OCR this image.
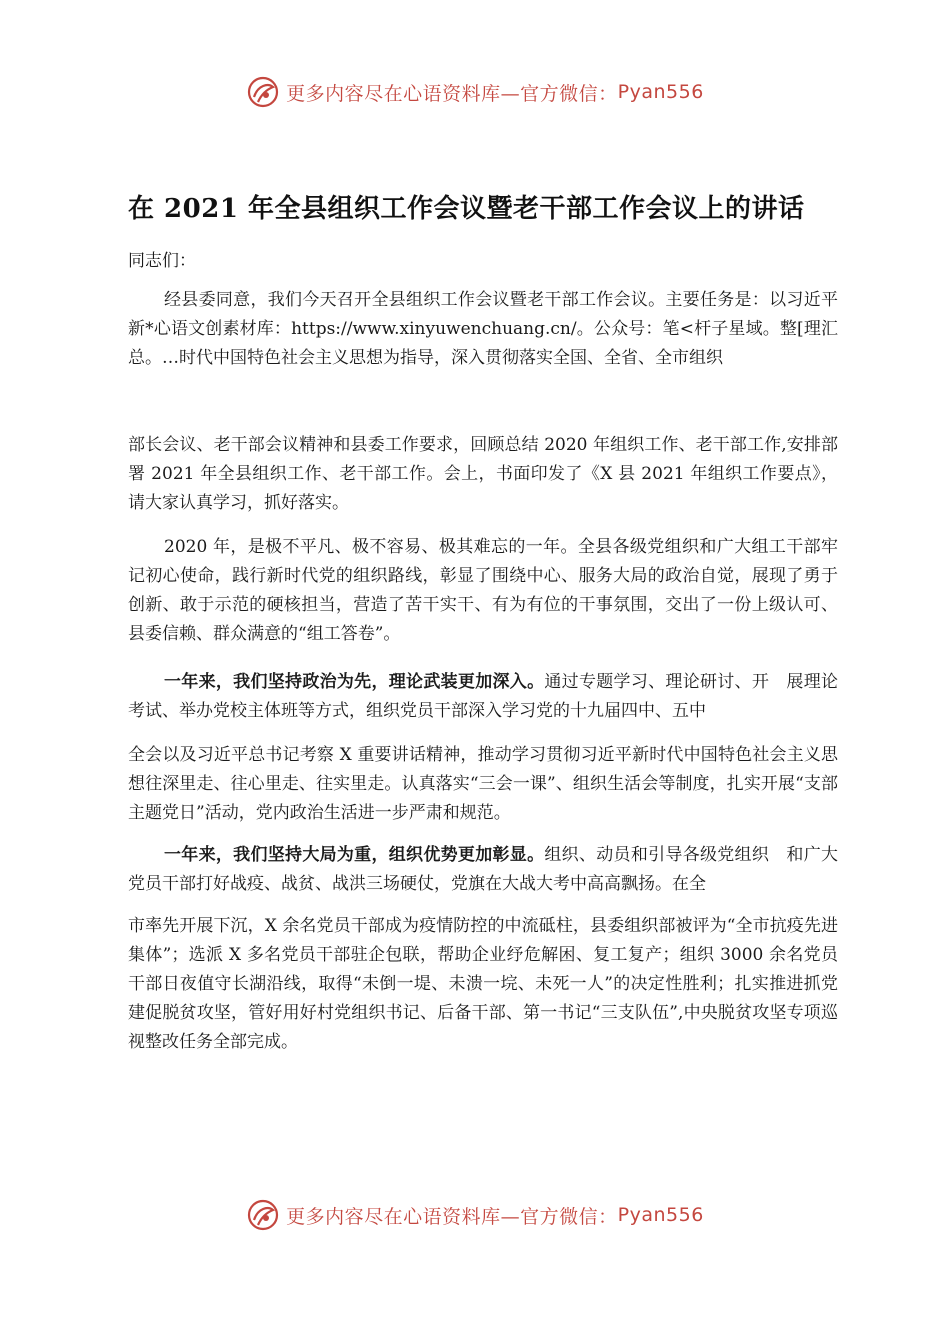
更多内容尽在心语资料库—官方微信： Pyan556
在 2021 年全县组织工作会议暨老干部工作会议上的讲话
同志们：

经县委同意，我们今天召开全县组织工作会议暨老干部工作会议。主要任务是：以习近平新*心语文创素材库：https://www.xinyuwenchuang.cn/。公众号：笔<杆子星域。整[理汇总。…时代中国特色社会主义思想为指导，深入贯彻落实全国、全省、全市组织

部长会议、老干部会议精神和县委工作要求，回顾总结 2020 年组织工作、老干部工作,安排部署 2021 年全县组织工作、老干部工作。会上，书面印发了《X 县 2021 年组织工作要点》，请大家认真学习，抓好落实。

2020 年，是极不平凡、极不容易、极其难忘的一年。全县各级党组织和广大组工干部牢记初心使命，践行新时代党的组织路线，彰显了围绕中心、服务大局的政治自觉，展现了勇于创新、敢于示范的硬核担当，营造了苦干实干、有为有位的干事氛围，交出了一份上级认可、县委信赖、群众满意的“组工答卷”。

一年来，我们坚持政治为先，理论武装更加深入。通过专题学习、理论研讨、开　展理论考试、举办党校主体班等方式，组织党员干部深入学习党的十九届四中、五中

全会以及习近平总书记考察 X 重要讲话精神，推动学习贯彻习近平新时代中国特色社会主义思想往深里走、往心里走、往实里走。认真落实“三会一课”、组织生活会等制度，扎实开展“支部主题党日”活动，党内政治生活进一步严肃和规范。

一年来，我们坚持大局为重，组织优势更加彰显。组织、动员和引导各级党组织　和广大党员干部打好战疫、战贫、战洪三场硬仗，党旗在大战大考中高高飘扬。在全

市率先开展下沉，X 余名党员干部成为疫情防控的中流砥柱，县委组织部被评为“全市抗疫先进集体”；选派 X 多名党员干部驻企包联，帮助企业纾危解困、复工复产；组织 3000 余名党员干部日夜值守长湖沿线，取得“未倒一堤、未溃一垸、未死一人”的决定性胜利；扎实推进抓党建促脱贫攻坚，管好用好村党组织书记、后备干部、第一书记“三支队伍”,中央脱贫攻坚专项巡视整改任务全部完成。

更多内容尽在心语资料库—官方微信： Pyan556
